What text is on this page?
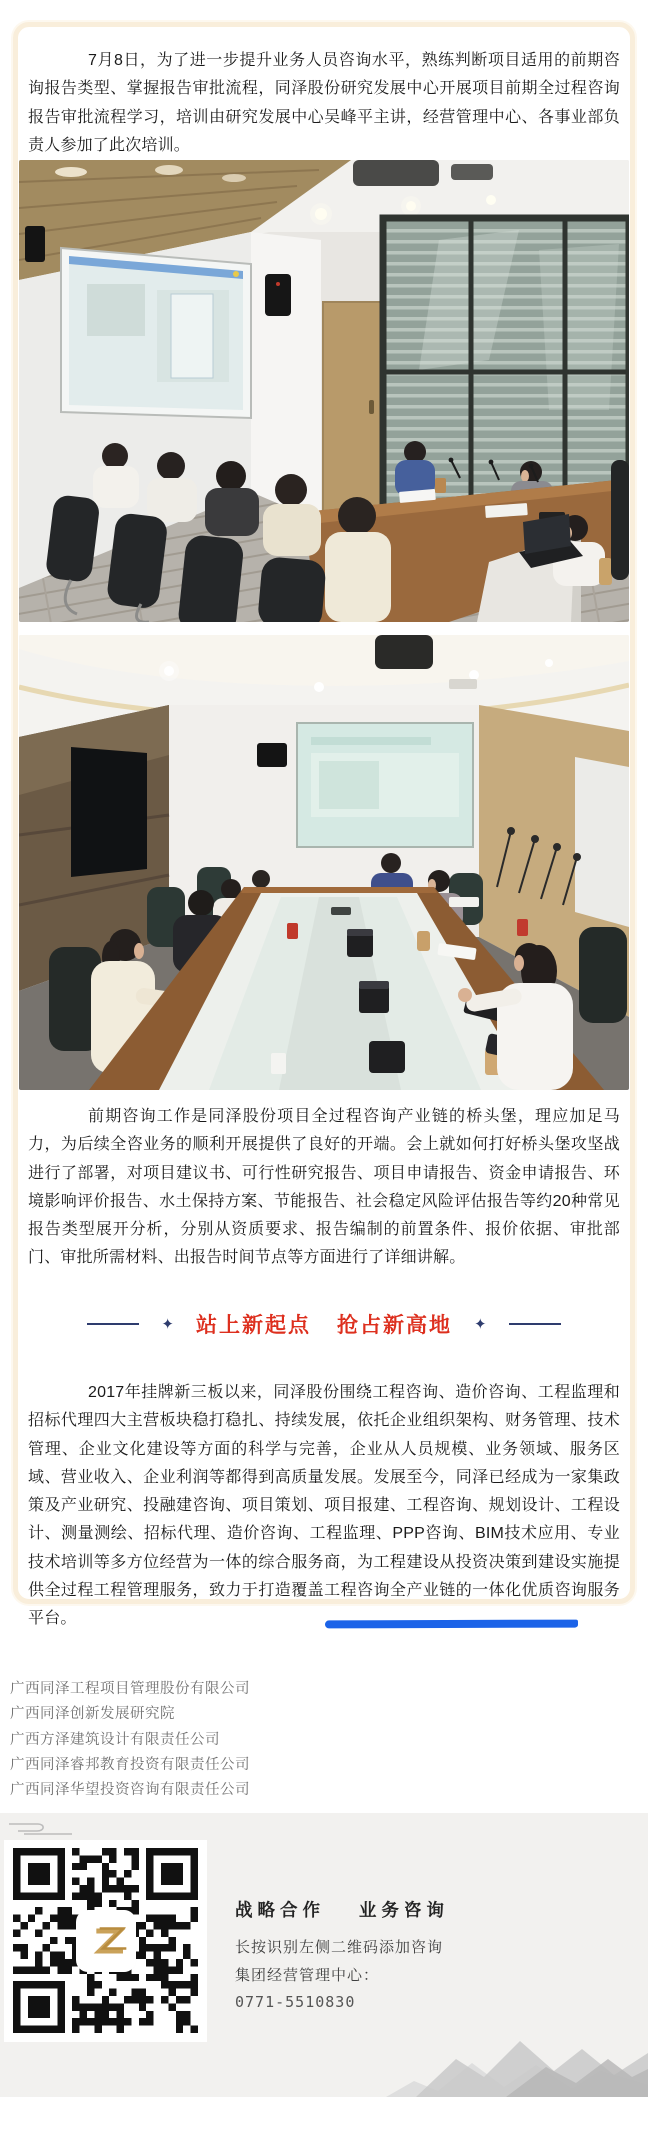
7月8日，为了进一步提升业务人员咨询水平，熟练判断项目适用的前期咨询报告类型、掌握报告审批流程，同泽股份研究发展中心开展项目前期全过程咨询报告审批流程学习，培训由研究发展中心吴峰平主讲，经营管理中心、各事业部负责人参加了此次培训。

前期咨询工作是同泽股份项目全过程咨询产业链的桥头堡，理应加足马力，为后续全咨业务的顺利开展提供了良好的开端。会上就如何打好桥头堡攻坚战进行了部署，对项目建议书、可行性研究报告、项目申请报告、资金申请报告、环境影响评价报告、水土保持方案、节能报告、社会稳定风险评估报告等约20种常见报告类型展开分析，分别从资质要求、报告编制的前置条件、报价依据、审批部门、审批所需材料、出报告时间节点等方面进行了详细讲解。

✦ 站上新起点 抢占新高地 ✦

2017年挂牌新三板以来，同泽股份围绕工程咨询、造价咨询、工程监理和招标代理四大主营板块稳打稳扎、持续发展，依托企业组织架构、财务管理、技术管理、企业文化建设等方面的科学与完善，企业从人员规模、业务领域、服务区域、营业收入、企业利润等都得到高质量发展。发展至今，同泽已经成为一家集政策及产业研究、投融建咨询、项目策划、项目报建、工程咨询、规划设计、工程设计、测量测绘、招标代理、造价咨询、工程监理、PPP咨询、BIM技术应用、专业技术培训等多方位经营为一体的综合服务商，为工程建设从投资决策到建设实施提供全过程工程管理服务，致力于打造覆盖工程咨询全产业链的一体化优质咨询服务平台。

广西同泽工程项目管理股份有限公司
广西同泽创新发展研究院
广西方泽建筑设计有限责任公司
广西同泽睿邦教育投资有限责任公司
广西同泽华望投资咨询有限责任公司
战略合作 业务咨询
长按识别左侧二维码添加咨询
集团经营管理中心：
0771-5510830
